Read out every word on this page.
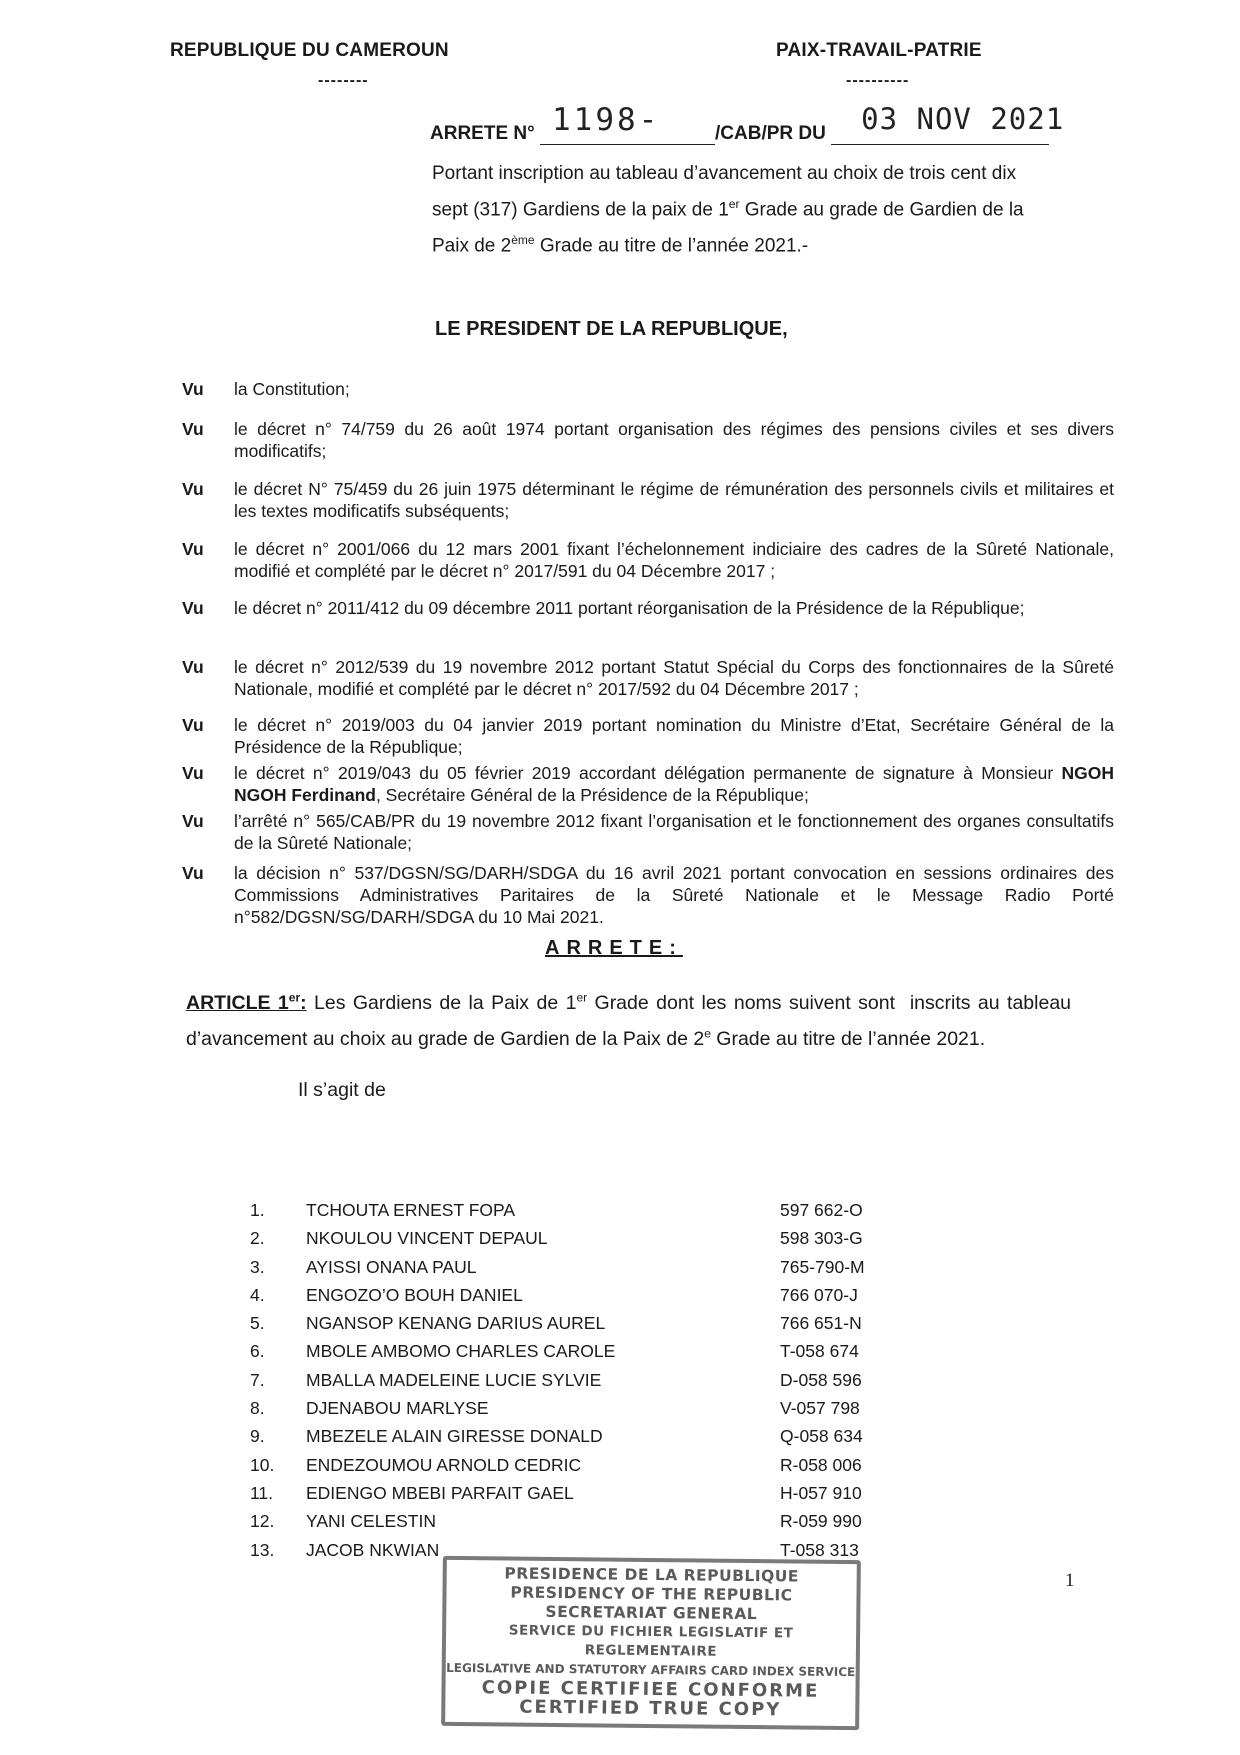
REPUBLIQUE DU CAMEROUN
--------
PAIX-TRAVAIL-PATRIE
----------
ARRETE N° 1198-	/CAB/PR DU 03 NOV 2021
Portant inscription au tableau d’avancement au choix de trois cent dix
sept (317) Gardiens de la paix de 1er Grade au grade de Gardien de la
Paix de 2ème Grade au titre de l’année 2021.-
LE PRESIDENT DE LA REPUBLIQUE,
Vu la Constitution;
Vu le décret n° 74/759 du 26 août 1974 portant organisation des régimes des pensions civiles et ses divers modificatifs;
Vu le décret N° 75/459 du 26 juin 1975 déterminant le régime de rémunération des personnels civils et militaires et les textes modificatifs subséquents;
Vu le décret n° 2001/066 du 12 mars 2001 fixant l’échelonnement indiciaire des cadres de la Sûreté Nationale, modifié et complété par le décret n° 2017/591 du 04 Décembre 2017 ;
Vu le décret n° 2011/412 du 09 décembre 2011 portant réorganisation de la Présidence de la République;
Vu le décret n° 2012/539 du 19 novembre 2012 portant Statut Spécial du Corps des fonctionnaires de la Sûreté Nationale, modifié et complété par le décret n° 2017/592 du 04 Décembre 2017 ;
Vu le décret n° 2019/003 du 04 janvier 2019 portant nomination du Ministre d’Etat, Secrétaire Général de la Présidence de la République;
Vu le décret n° 2019/043 du 05 février 2019 accordant délégation permanente de signature à Monsieur NGOH NGOH Ferdinand, Secrétaire Général de la Présidence de la République;
Vu l’arrêté n° 565/CAB/PR du 19 novembre 2012 fixant l’organisation et le fonctionnement des organes consultatifs de la Sûreté Nationale;
Vu la décision n° 537/DGSN/SG/DARH/SDGA du 16 avril 2021 portant convocation en sessions ordinaires des Commissions Administratives Paritaires de la Sûreté Nationale et le Message Radio Porté n°582/DGSN/SG/DARH/SDGA du 10 Mai 2021.
ARRETE:
ARTICLE 1er: Les Gardiens de la Paix de 1er Grade dont les noms suivent sont  inscrits au tableau d’avancement au choix au grade de Gardien de la Paix de 2e Grade au titre de l’année 2021.
Il s’agit de
1. TCHOUTA ERNEST FOPA	597 662-O
2. NKOULOU VINCENT DEPAUL	598 303-G
3. AYISSI ONANA PAUL	765-790-M
4. ENGOZO’O BOUH DANIEL	766 070-J
5. NGANSOP KENANG DARIUS AUREL	766 651-N
6. MBOLE AMBOMO CHARLES CAROLE	T-058 674
7. MBALLA MADELEINE LUCIE SYLVIE	D-058 596
8. DJENABOU MARLYSE	V-057 798
9. MBEZELE ALAIN GIRESSE DONALD	Q-058 634
10. ENDEZOUMOU ARNOLD CEDRIC	R-058 006
11. EDIENGO MBEBI PARFAIT GAEL	H-057 910
12. YANI CELESTIN	R-059 990
13. JACOB NKWIAN	T-058 313
PRESIDENCE DE LA REPUBLIQUE
PRESIDENCY OF THE REPUBLIC
SECRETARIAT GENERAL
SERVICE DU FICHIER LEGISLATIF ET REGLEMENTAIRE
LEGISLATIVE AND STATUTORY AFFAIRS CARD INDEX SERVICE
COPIE CERTIFIEE CONFORME
CERTIFIED TRUE COPY
1
